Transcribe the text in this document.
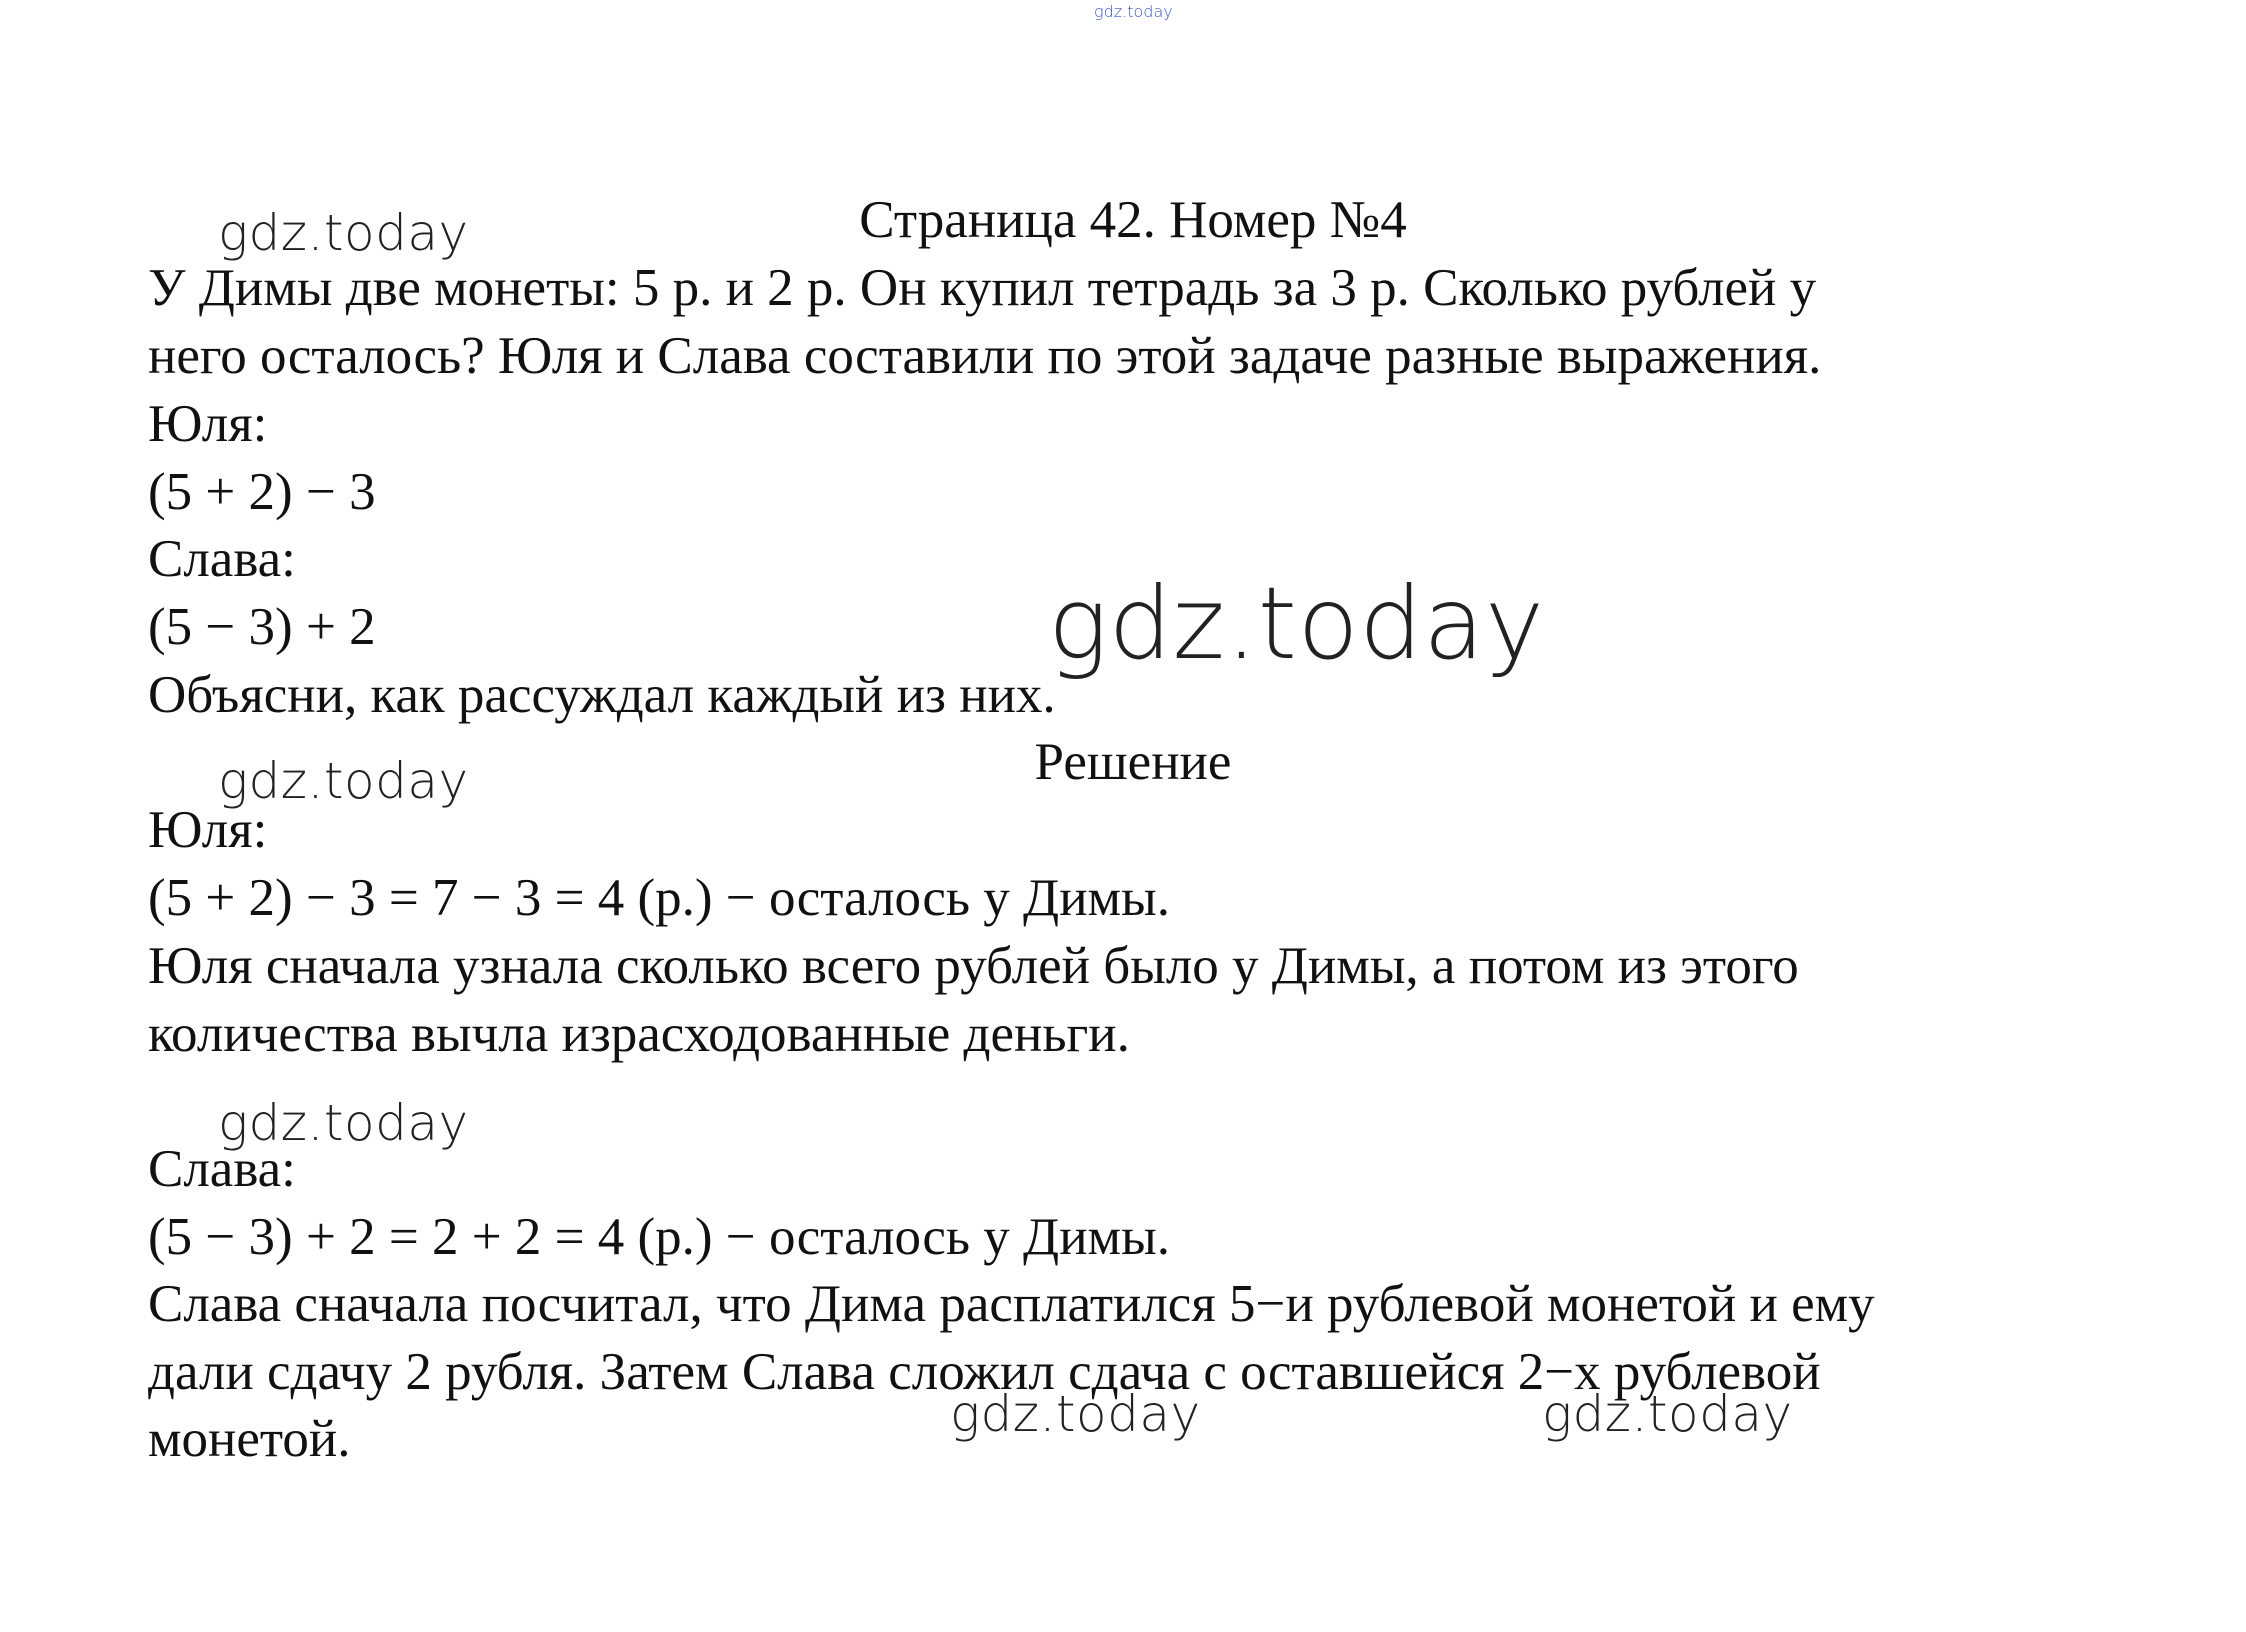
gdz.today
Страница 42. Номер №4
У Димы две монеты: 5 р. и 2 р. Он купил тетрадь за 3 р. Сколько рублей у
него осталось? Юля и Слава составили по этой задаче разные выражения.
Юля:
(5 + 2) − 3
Слава:
(5 − 3) + 2
Объясни, как рассуждал каждый из них.
Решение
Юля:
(5 + 2) − 3 = 7 − 3 = 4 (р.) − осталось у Димы.
Юля сначала узнала сколько всего рублей было у Димы, а потом из этого
количества вычла израсходованные деньги.
Слава:
(5 − 3) + 2 = 2 + 2 = 4 (р.) − осталось у Димы.
Слава сначала посчитал, что Дима расплатился 5−и рублевой монетой и ему
дали сдачу 2 рубля. Затем Слава сложил сдача с оставшейся 2−х рублевой
монетой.
gdz.today
gdz.today
gdz.today
gdz.today
gdz.today	gdz.today
